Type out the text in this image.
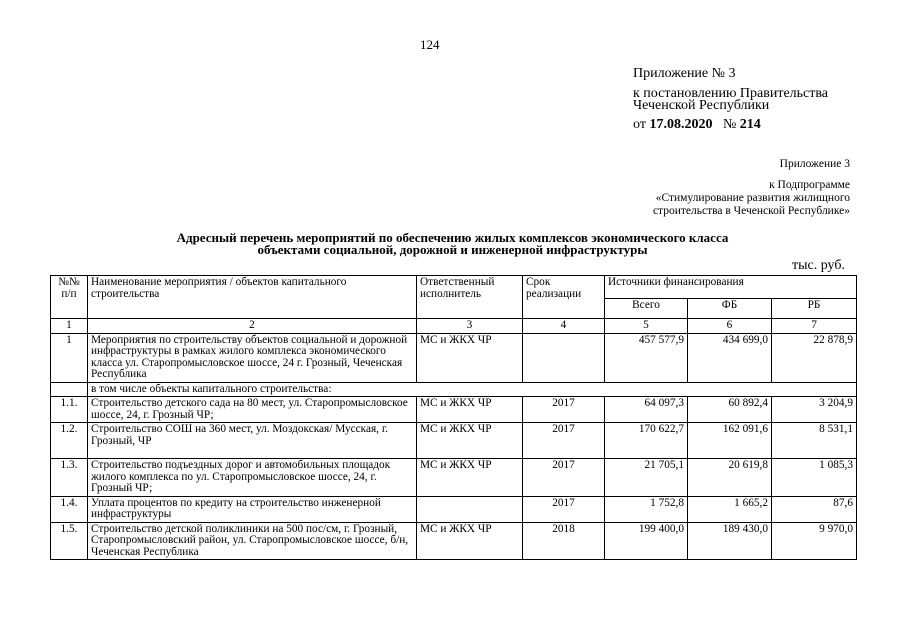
124
Приложение № 3
к постановлению Правительства
Чеченской Республики
от 17.08.2020 № 214
Приложение 3
к Подпрограмме
«Стимулирование развития жилищного
строительства в Чеченской Республике»
Адресный перечень мероприятий по обеспечению жилых комплексов экономического класса
объектами социальной, дорожной и инженерной инфраструктуры
тыс. руб.
№№ п/п	Наименование мероприятия / объектов капитального строительства	Ответственный исполнитель	Срок реализации	Источники финансирования		
				Всего	ФБ	РБ
1	2	3	4	5	6	7
1	Мероприятия по строительству объектов социальной и дорожной инфраструктуры в рамках жилого комплекса экономического класса ул. Старопромысловское шоссе, 24 г. Грозный, Чеченская Республика	МС и ЖКХ ЧР		457 577,9	434 699,0	22 878,9
	в том числе объекты капитального строительства:					
1.1.	Строительство детского сада на 80 мест, ул. Старопромысловское шоссе, 24, г. Грозный ЧР;	МС и ЖКХ ЧР	2017	64 097,3	60 892,4	3 204,9
1.2.	Строительство СОШ на 360 мест, ул. Моздокская/ Мусская, г. Грозный, ЧР	МС и ЖКХ ЧР	2017	170 622,7	162 091,6	8 531,1
1.3.	Строительство подъездных дорог и автомобильных площадок жилого комплекса по ул. Старопромысловское шоссе, 24, г. Грозный ЧР;	МС и ЖКХ ЧР	2017	21 705,1	20 619,8	1 085,3
1.4.	Уплата процентов по кредиту на строительство инженерной инфраструктуры		2017	1 752,8	1 665,2	87,6
1.5.	Строительство детской поликлиники на 500 пос/см, г. Грозный, Старопромысловский район, ул. Старопромысловское шоссе, б/н, Чеченская Республика	МС и ЖКХ ЧР	2018	199 400,0	189 430,0	9 970,0
